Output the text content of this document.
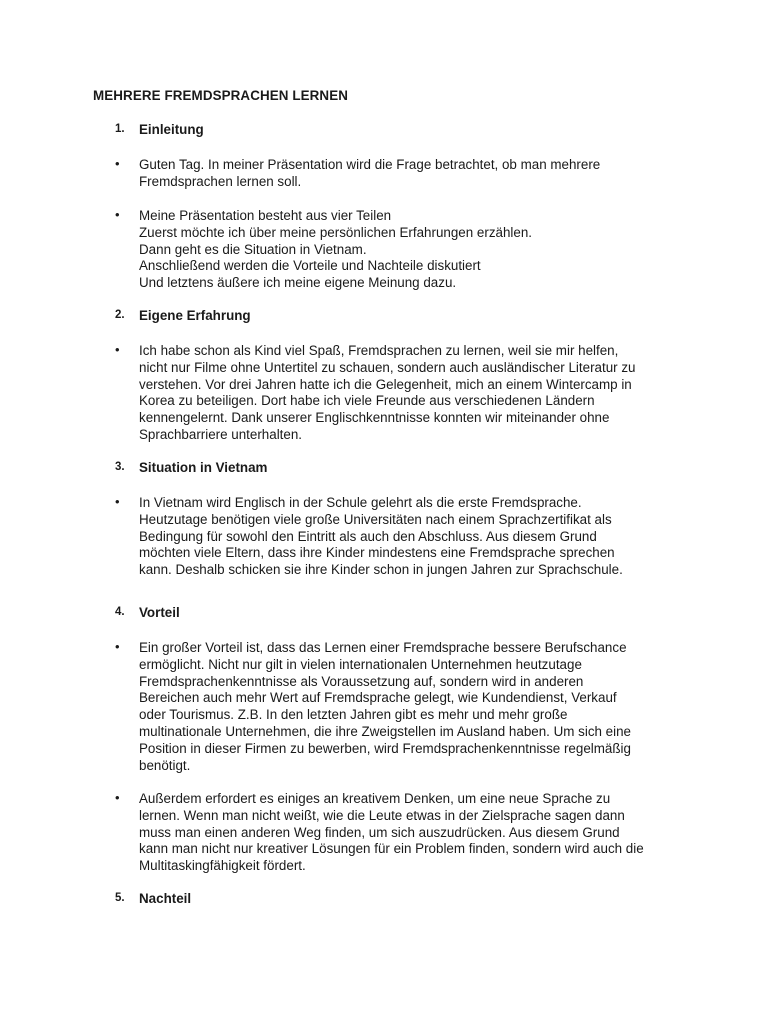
MEHRERE FREMDSPRACHEN LERNEN
1. Einleitung
• Guten Tag. In meiner Präsentation wird die Frage betrachtet, ob man mehrere
Fremdsprachen lernen soll.
• Meine Präsentation besteht aus vier Teilen
Zuerst möchte ich über meine persönlichen Erfahrungen erzählen.
Dann geht es die Situation in Vietnam.
Anschließend werden die Vorteile und Nachteile diskutiert
Und letztens äußere ich meine eigene Meinung dazu.
2. Eigene Erfahrung
• Ich habe schon als Kind viel Spaß, Fremdsprachen zu lernen, weil sie mir helfen,
nicht nur Filme ohne Untertitel zu schauen, sondern auch ausländischer Literatur zu
verstehen. Vor drei Jahren hatte ich die Gelegenheit, mich an einem Wintercamp in
Korea zu beteiligen. Dort habe ich viele Freunde aus verschiedenen Ländern
kennengelernt. Dank unserer Englischkenntnisse konnten wir miteinander ohne
Sprachbarriere unterhalten.
3. Situation in Vietnam
• In Vietnam wird Englisch in der Schule gelehrt als die erste Fremdsprache.
Heutzutage benötigen viele große Universitäten nach einem Sprachzertifikat als
Bedingung für sowohl den Eintritt als auch den Abschluss. Aus diesem Grund
möchten viele Eltern, dass ihre Kinder mindestens eine Fremdsprache sprechen
kann. Deshalb schicken sie ihre Kinder schon in jungen Jahren zur Sprachschule.
4. Vorteil
• Ein großer Vorteil ist, dass das Lernen einer Fremdsprache bessere Berufschance
ermöglicht. Nicht nur gilt in vielen internationalen Unternehmen heutzutage
Fremdsprachenkenntnisse als Voraussetzung auf, sondern wird in anderen
Bereichen auch mehr Wert auf Fremdsprache gelegt, wie Kundendienst, Verkauf
oder Tourismus. Z.B. In den letzten Jahren gibt es mehr und mehr große
multinationale Unternehmen, die ihre Zweigstellen im Ausland haben. Um sich eine
Position in dieser Firmen zu bewerben, wird Fremdsprachenkenntnisse regelmäßig
benötigt.
• Außerdem erfordert es einiges an kreativem Denken, um eine neue Sprache zu
lernen. Wenn man nicht weißt, wie die Leute etwas in der Zielsprache sagen dann
muss man einen anderen Weg finden, um sich auszudrücken. Aus diesem Grund
kann man nicht nur kreativer Lösungen für ein Problem finden, sondern wird auch die
Multitaskingfähigkeit fördert.
5. Nachteil
